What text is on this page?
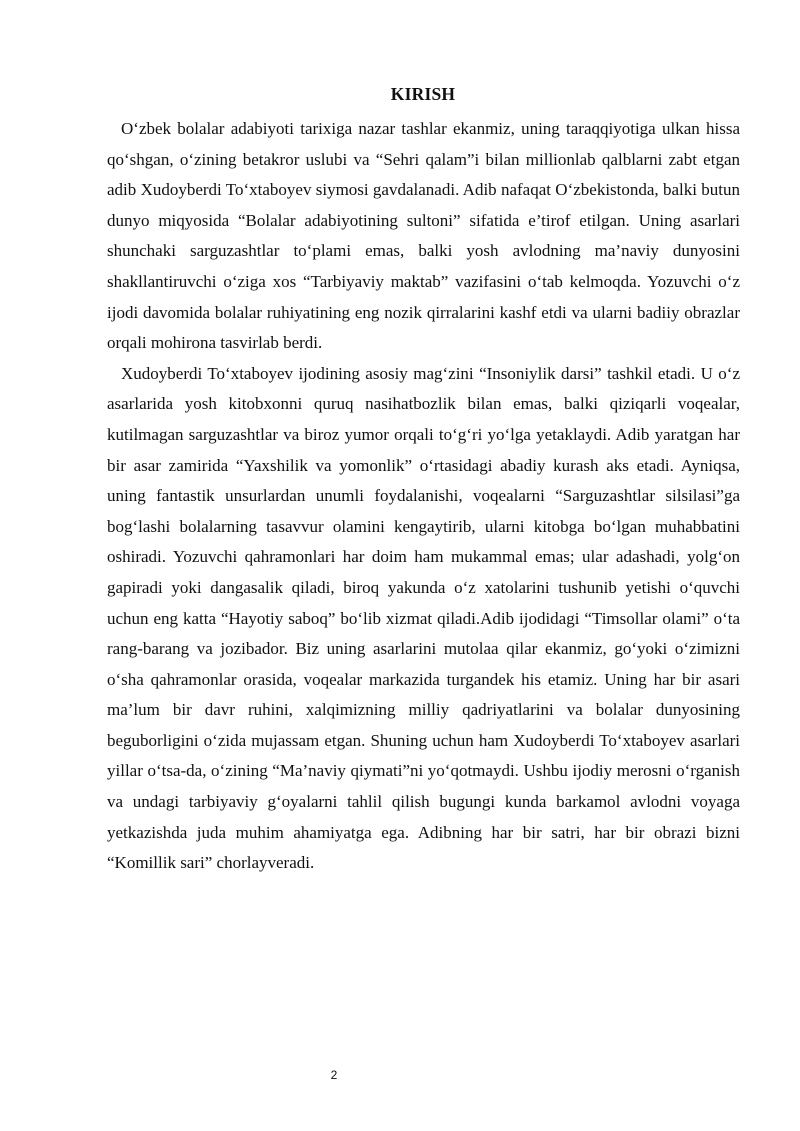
KIRISH

O‘zbek bolalar adabiyoti tarixiga nazar tashlar ekanmiz, uning taraqqiyotiga ulkan hissa qo‘shgan, o‘zining betakror uslubi va “Sehri qalam”i bilan millionlab qalblarni zabt etgan adib Xudoyberdi To‘xtaboyev siymosi gavdalanadi. Adib nafaqat O‘zbekistonda, balki butun dunyo miqyosida “Bolalar adabiyotining sultoni” sifatida e’tirof etilgan. Uning asarlari shunchaki sarguzashtlar to‘plami emas, balki yosh avlodning ma’naviy dunyosini shakllantiruvchi o‘ziga xos “Tarbiyaviy maktab” vazifasini o‘tab kelmoqda. Yozuvchi o‘z ijodi davomida bolalar ruhiyatining eng nozik qirralarini kashf etdi va ularni badiiy obrazlar orqali mohirona tasvirlab berdi.

Xudoyberdi To‘xtaboyev ijodining asosiy mag‘zini “Insoniylik darsi” tashkil etadi. U o‘z asarlarida yosh kitobxonni quruq nasihatbozlik bilan emas, balki qiziqarli voqealar, kutilmagan sarguzashtlar va biroz yumor orqali to‘g‘ri yo‘lga yetaklaydi. Adib yaratgan har bir asar zamirida “Yaxshilik va yomonlik” o‘rtasidagi abadiy kurash aks etadi. Ayniqsa, uning fantastik unsurlardan unumli foydalanishi, voqealarni “Sarguzashtlar silsilasi”ga bog‘lashi bolalarning tasavvur olamini kengaytirib, ularni kitobga bo‘lgan muhabbatini oshiradi. Yozuvchi qahramonlari har doim ham mukammal emas; ular adashadi, yolg‘on gapiradi yoki dangasalik qiladi, biroq yakunda o‘z xatolarini tushunib yetishi o‘quvchi uchun eng katta “Hayotiy saboq” bo‘lib xizmat qiladi.Adib ijodidagi “Timsollar olami” o‘ta rang-barang va jozibador. Biz uning asarlarini mutolaa qilar ekanmiz, go‘yoki o‘zimizni o‘sha qahramonlar orasida, voqealar markazida turgandek his etamiz. Uning har bir asari ma’lum bir davr ruhini, xalqimizning milliy qadriyatlarini va bolalar dunyosining beguborligini o‘zida mujassam etgan. Shuning uchun ham Xudoyberdi To‘xtaboyev asarlari yillar o‘tsa-da, o‘zining “Ma’naviy qiymati”ni yo‘qotmaydi. Ushbu ijodiy merosni o‘rganish va undagi tarbiyaviy g‘oyalarni tahlil qilish bugungi kunda barkamol avlodni voyaga yetkazishda juda muhim ahamiyatga ega. Adibning har bir satri, har bir obrazi bizni “Komillik sari” chorlayveradi.

2
